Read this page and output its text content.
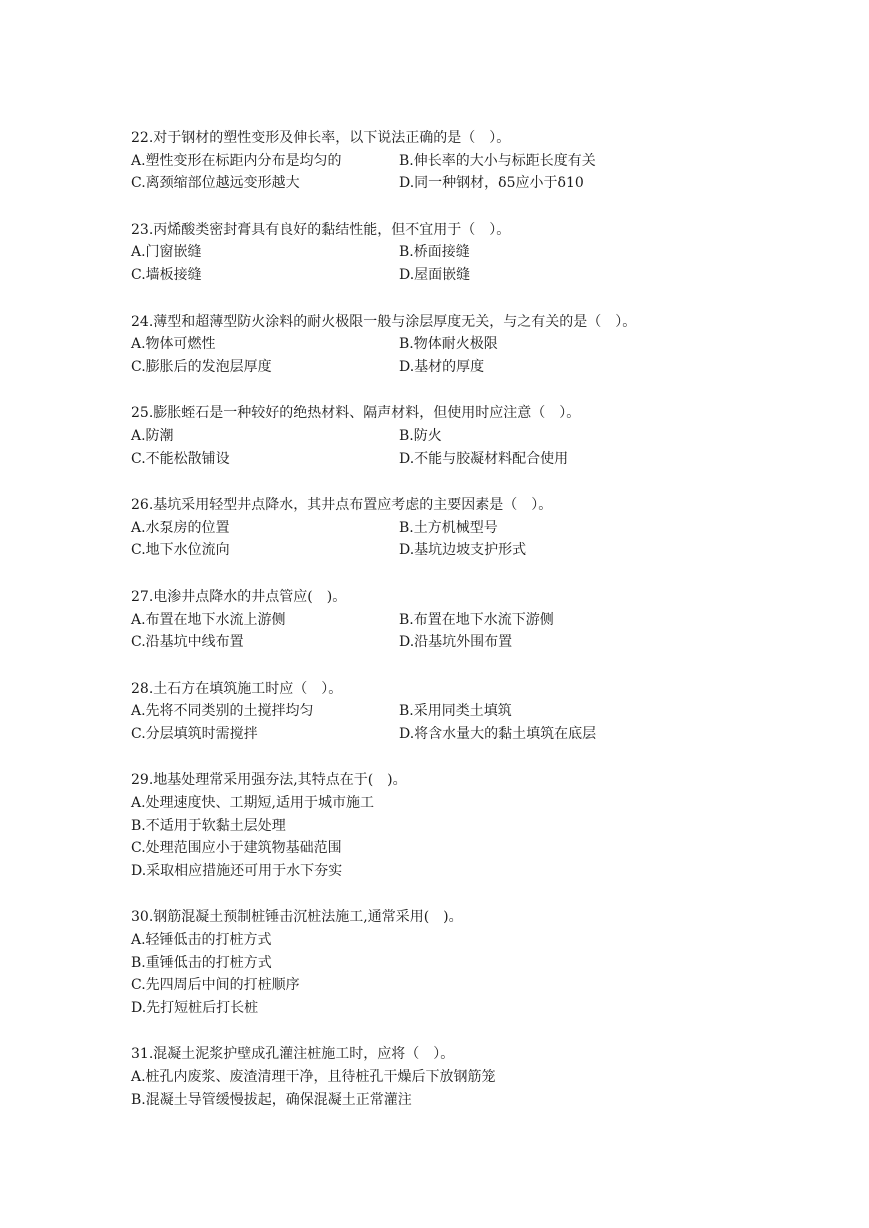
22.对于钢材的塑性变形及伸长率，以下说法正确的是（　）。
A.塑性变形在标距内分布是均匀的	B.伸长率的大小与标距长度有关
C.离颈缩部位越远变形越大	D.同一种钢材，δ5应小于δ10
23.丙烯酸类密封膏具有良好的黏结性能，但不宜用于（　）。
A.门窗嵌缝	B.桥面接缝
C.墙板接缝	D.屋面嵌缝
24.薄型和超薄型防火涂料的耐火极限一般与涂层厚度无关，与之有关的是（　）。
A.物体可燃性	B.物体耐火极限
C.膨胀后的发泡层厚度	D.基材的厚度
25.膨胀蛭石是一种较好的绝热材料、隔声材料，但使用时应注意（　）。
A.防潮	B.防火
C.不能松散铺设	D.不能与胶凝材料配合使用
26.基坑采用轻型井点降水，其井点布置应考虑的主要因素是（　）。
A.水泵房的位置	B.土方机械型号
C.地下水位流向	D.基坑边坡支护形式
27.电渗井点降水的井点管应(　)。
A.布置在地下水流上游侧	B.布置在地下水流下游侧
C.沿基坑中线布置	D.沿基坑外围布置
28.土石方在填筑施工时应（　）。
A.先将不同类别的土搅拌均匀	B.采用同类土填筑
C.分层填筑时需搅拌	D.将含水量大的黏土填筑在底层
29.地基处理常采用强夯法,其特点在于(　)。
A.处理速度快、工期短,适用于城市施工
B.不适用于软黏土层处理
C.处理范围应小于建筑物基础范围
D.采取相应措施还可用于水下夯实
30.钢筋混凝土预制桩锤击沉桩法施工,通常采用(　)。
A.轻锤低击的打桩方式
B.重锤低击的打桩方式
C.先四周后中间的打桩顺序
D.先打短桩后打长桩
31.混凝土泥浆护壁成孔灌注桩施工时，应将（　）。
A.桩孔内废浆、废渣清理干净，且待桩孔干燥后下放钢筋笼
B.混凝土导管缓慢拔起，确保混凝土正常灌注
